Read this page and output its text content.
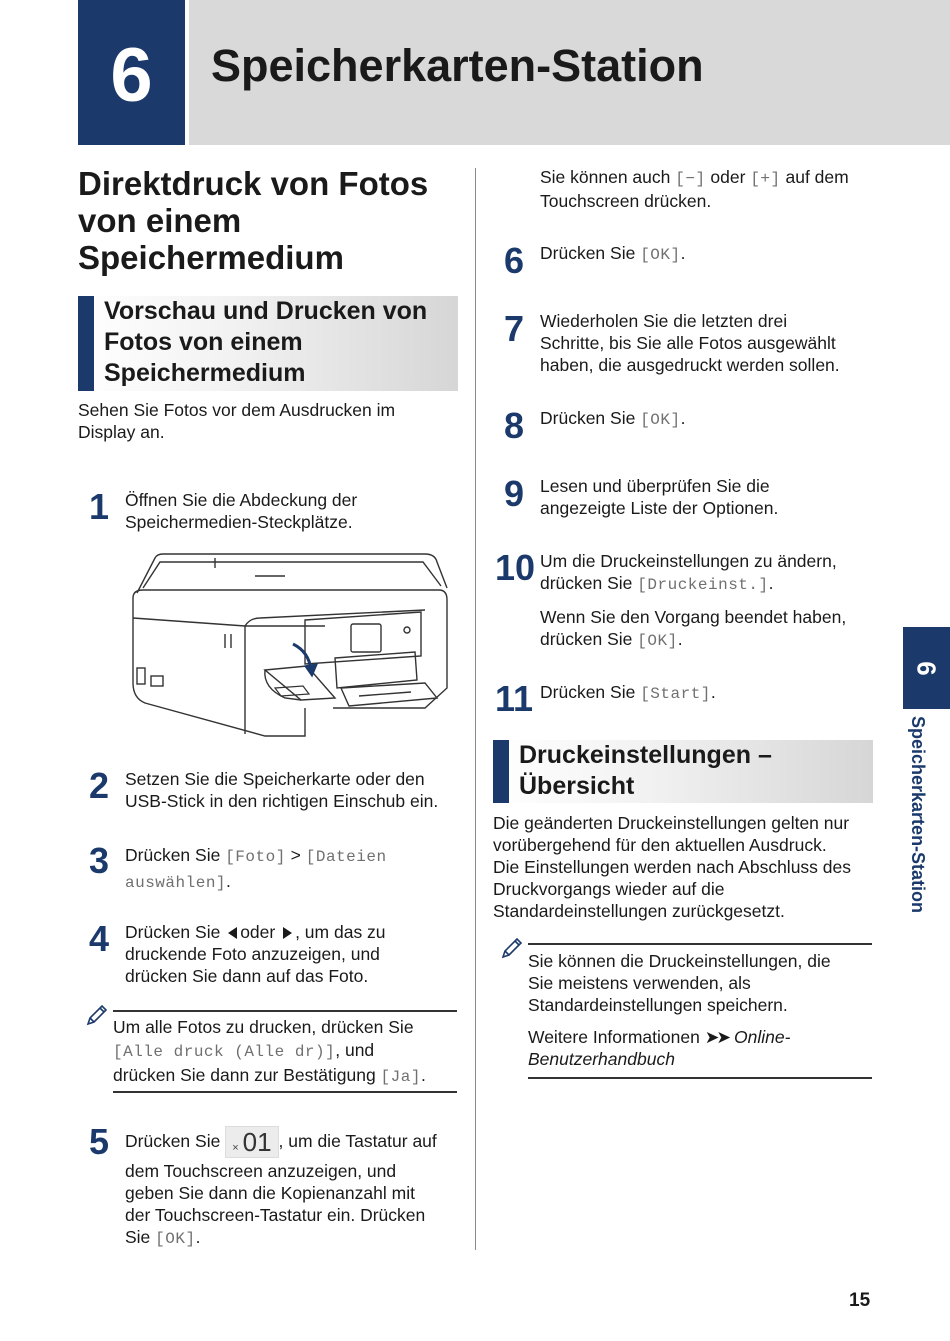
6	Speicherkarten-Station
Direktdruck von Fotos
von einem
Speichermedium
Vorschau und Drucken von
Fotos von einem
Speichermedium
Sehen Sie Fotos vor dem Ausdrucken im
Display an.
1 Öffnen Sie die Abdeckung der
Speichermedien-Steckplätze.
2 Setzen Sie die Speicherkarte oder den
USB-Stick in den richtigen Einschub ein.
3 Drücken Sie [Foto] > [Dateien
auswählen].
4 Drücken Sie oder , um das zu
druckende Foto anzuzeigen, und
drücken Sie dann auf das Foto.
Um alle Fotos zu drucken, drücken Sie
[Alle druck (Alle dr)], und
drücken Sie dann zur Bestätigung [Ja].
5 Drücken Sie × 01 , um die Tastatur auf
dem Touchscreen anzuzeigen, und
geben Sie dann die Kopienanzahl mit
der Touchscreen-Tastatur ein. Drücken
Sie [OK].
Sie können auch [−] oder [+] auf dem
Touchscreen drücken.
6 Drücken Sie [OK].
7 Wiederholen Sie die letzten drei
Schritte, bis Sie alle Fotos ausgewählt
haben, die ausgedruckt werden sollen.
8 Drücken Sie [OK].
9 Lesen und überprüfen Sie die
angezeigte Liste der Optionen.
10 Um die Druckeinstellungen zu ändern,
drücken Sie [Druckeinst.].
Wenn Sie den Vorgang beendet haben,
drücken Sie [OK].
11 Drücken Sie [Start].
Druckeinstellungen –
Übersicht
Die geänderten Druckeinstellungen gelten nur
vorübergehend für den aktuellen Ausdruck.
Die Einstellungen werden nach Abschluss des
Druckvorgangs wieder auf die
Standardeinstellungen zurückgesetzt.
Sie können die Druckeinstellungen, die
Sie meistens verwenden, als
Standardeinstellungen speichern.
Weitere Informationen ➤➤ Online-
Benutzerhandbuch
6
Speicherkarten-Station
15
